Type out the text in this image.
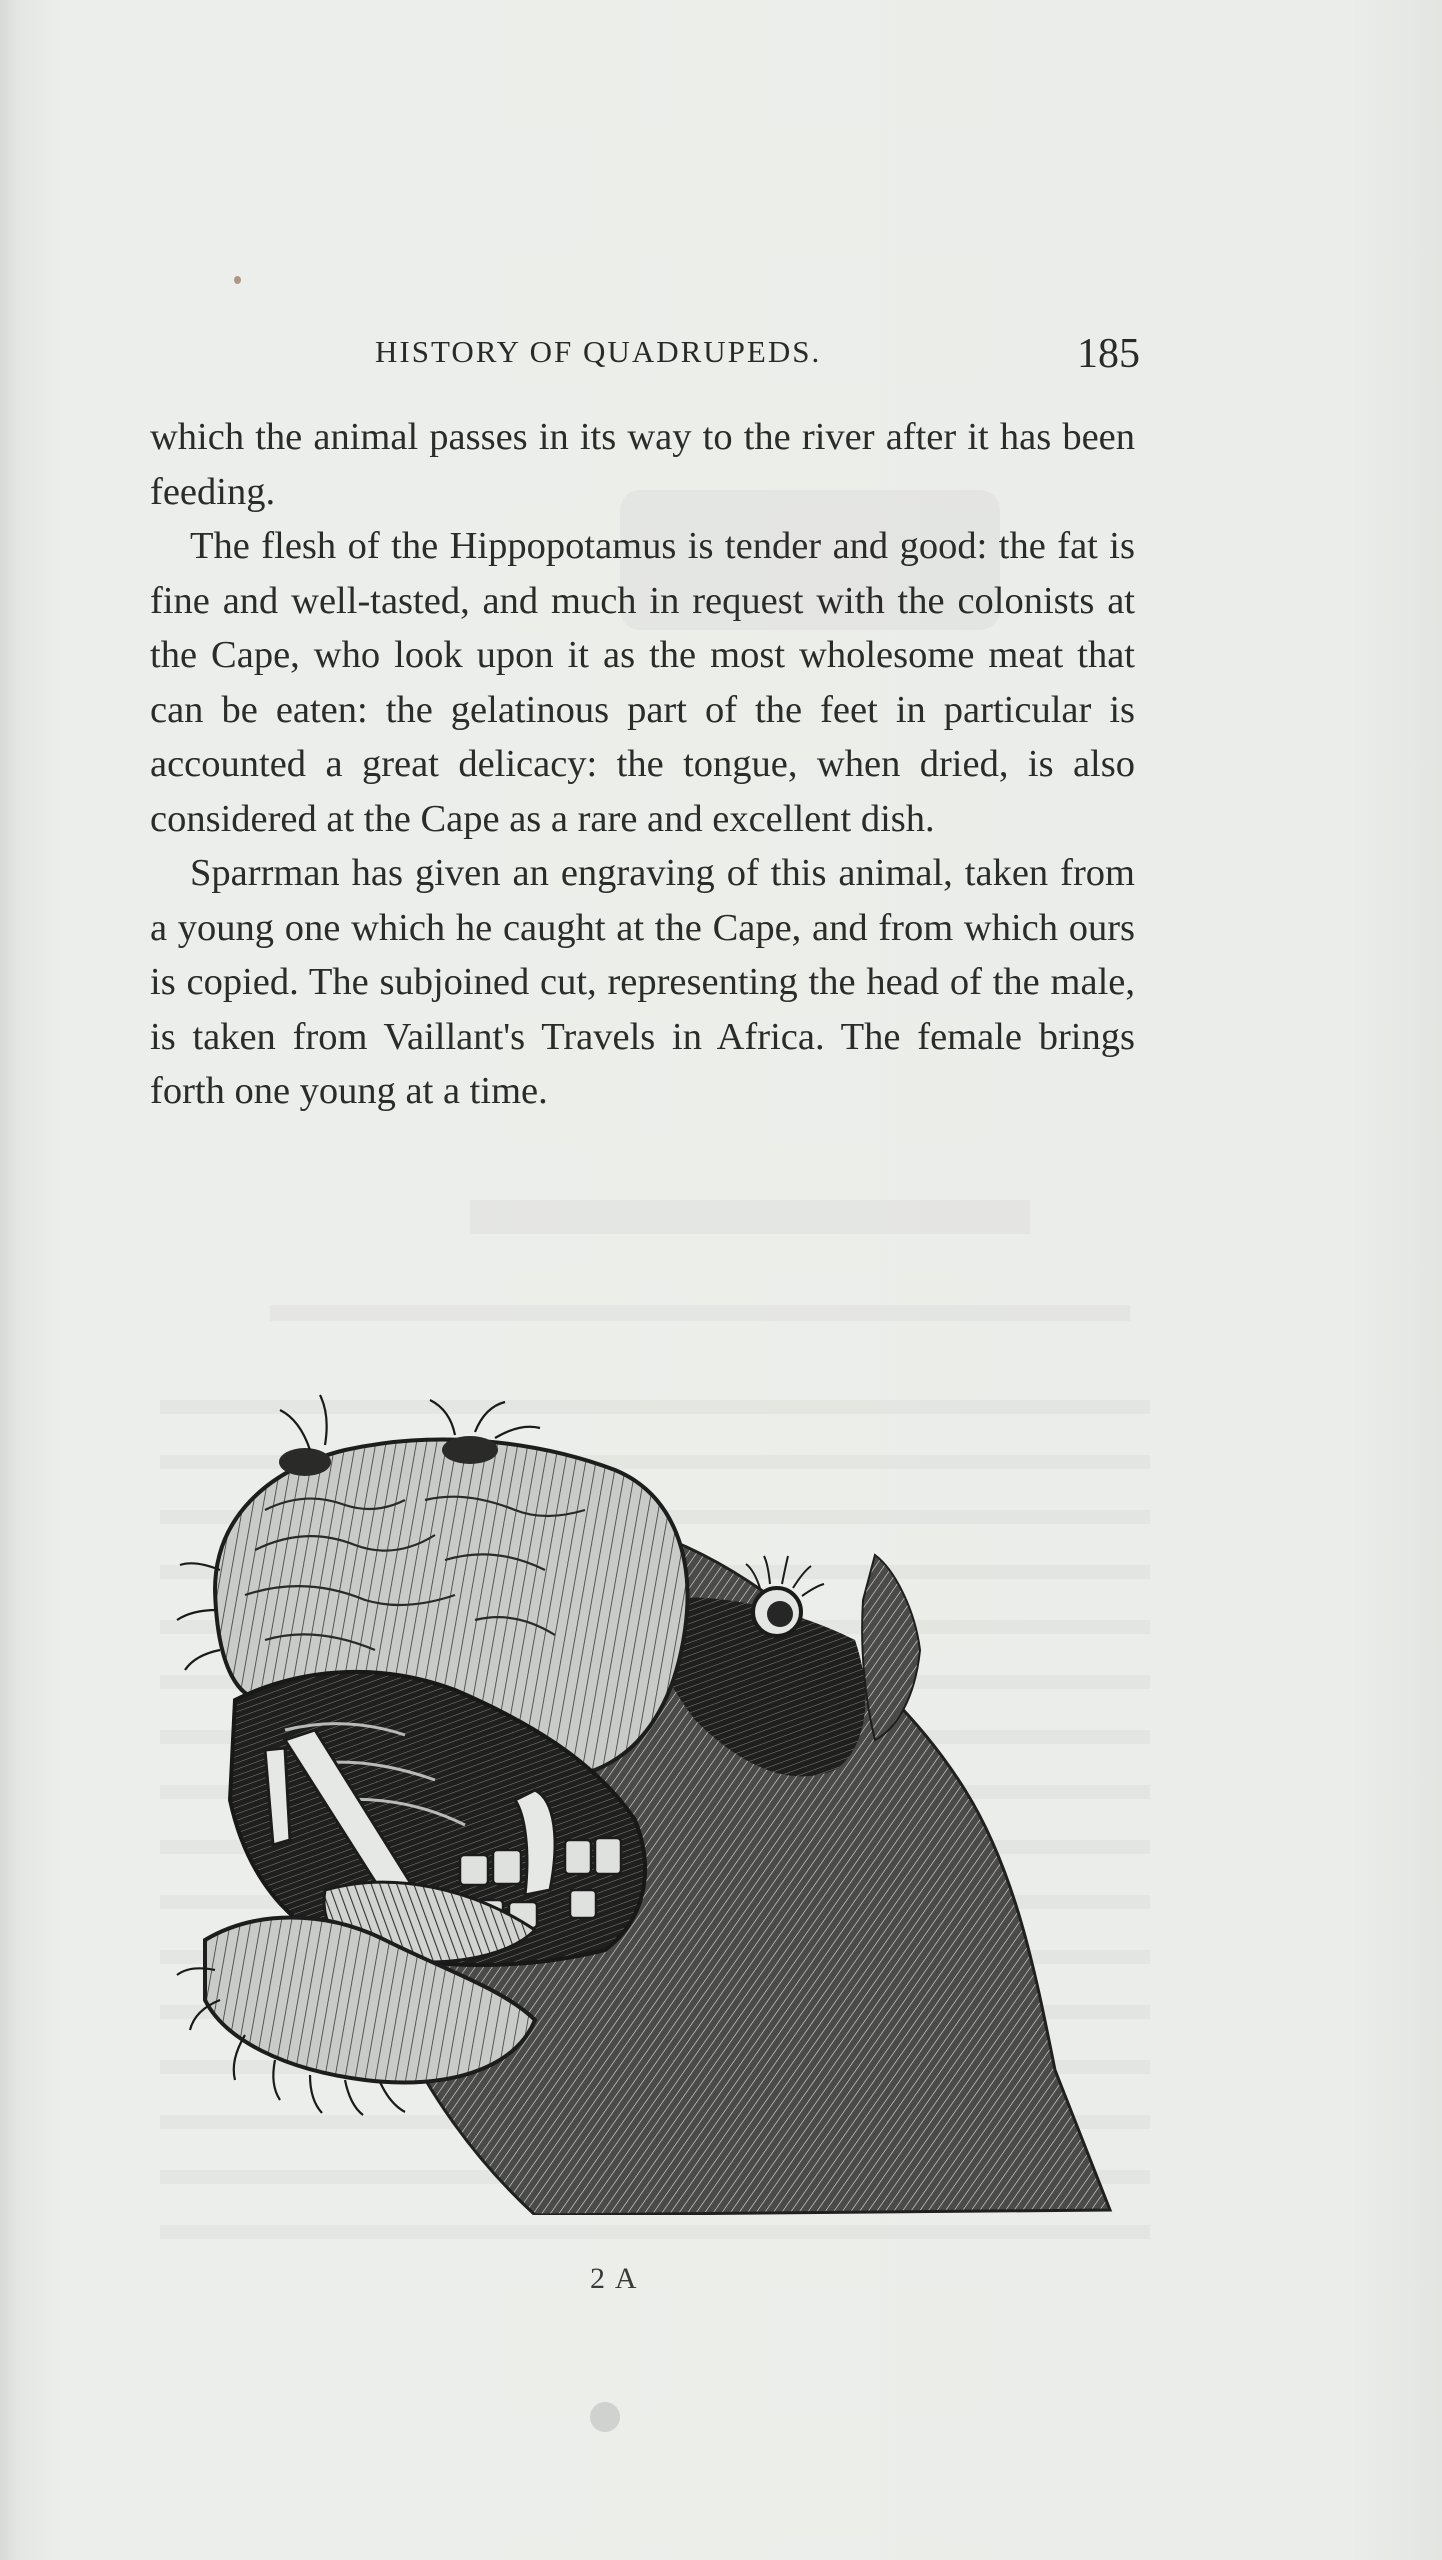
HISTORY OF QUADRUPEDS.	185

which the animal passes in its way to the river after it has been feeding.

The flesh of the Hippopotamus is tender and good: the fat is fine and well-tasted, and much in request with the colonists at the Cape, who look upon it as the most wholesome meat that can be eaten: the gelatinous part of the feet in particular is accounted a great delicacy: the tongue, when dried, is also considered at the Cape as a rare and excellent dish.

Sparrman has given an engraving of this animal, taken from a young one which he caught at the Cape, and from which ours is copied. The subjoined cut, representing the head of the male, is taken from Vaillant's Travels in Africa. The female brings forth one young at a time.

2 A
